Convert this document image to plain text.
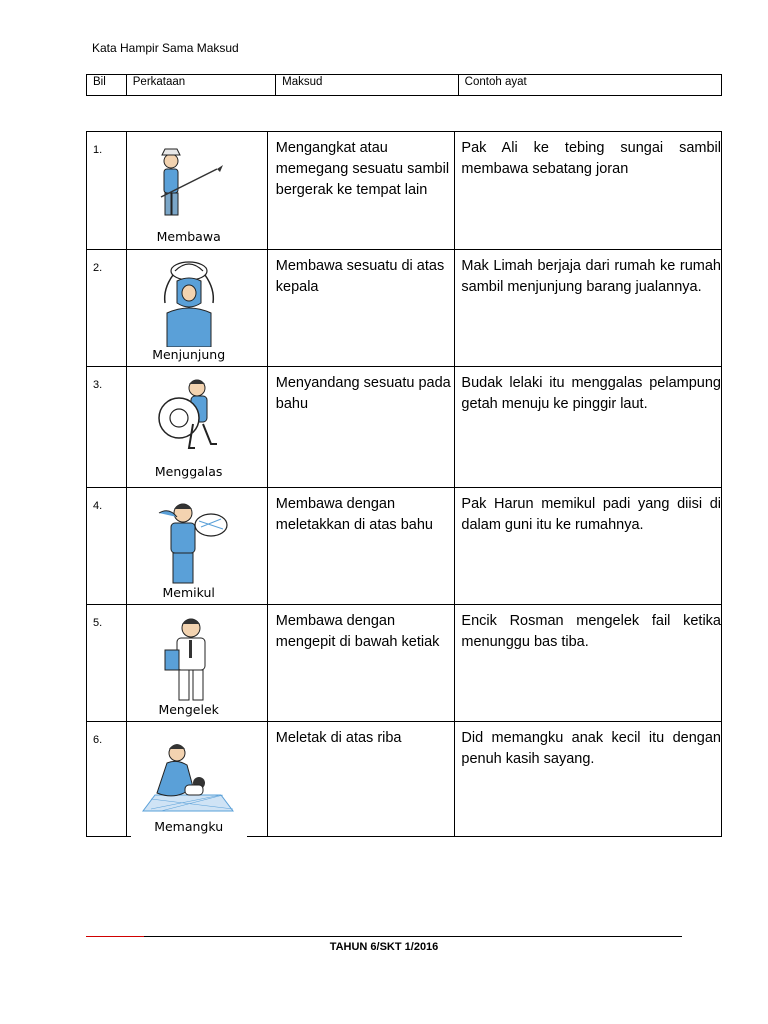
Kata Hampir Sama Maksud
Bil	Perkataan	Maksud	Contoh ayat
1.	Membawa	Mengangkat atau memegang sesuatu sambil bergerak ke tempat lain	Pak Ali ke tebing sungai sambil membawa sebatang joran
2.	Menjunjung	Membawa sesuatu di atas kepala	Mak Limah berjaja dari rumah ke rumah sambil menjunjung barang jualannya.
3.	Menggalas	Menyandang sesuatu pada bahu	Budak lelaki itu menggalas pelampung getah menuju ke pinggir laut.
4.	Memikul	Membawa dengan meletakkan di atas bahu	Pak Harun memikul padi yang diisi di dalam guni itu ke rumahnya.
5.	Mengelek	Membawa dengan mengepit di bawah ketiak	Encik Rosman mengelek fail ketika menunggu bas tiba.
6.	Memangku	Meletak di atas riba	Did memangku anak kecil itu dengan penuh kasih sayang.
TAHUN 6/SKT 1/2016
